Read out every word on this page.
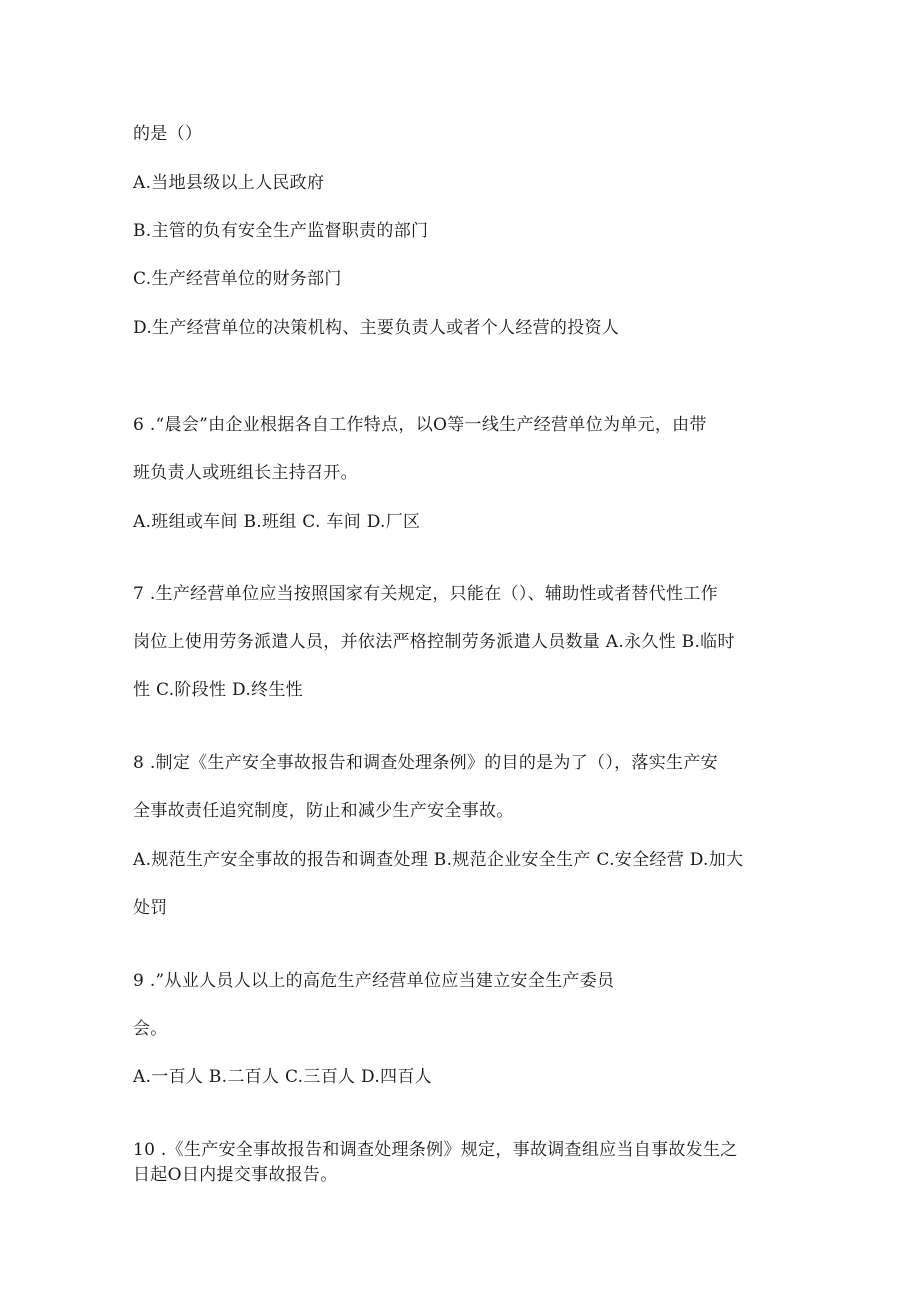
的是（）
A.当地县级以上人民政府
B.主管的负有安全生产监督职责的部门
C.生产经营单位的财务部门
D.生产经营单位的决策机构、主要负责人或者个人经营的投资人
6 .“晨会”由企业根据各自工作特点，以O等一线生产经营单位为单元，由带
班负责人或班组长主持召开。
A.班组或车间 B.班组 C. 车间 D.厂区
7 .生产经营单位应当按照国家有关规定，只能在（）、辅助性或者替代性工作
岗位上使用劳务派遣人员，并依法严格控制劳务派遣人员数量 A.永久性 B.临时
性 C.阶段性 D.终生性
8 .制定《生产安全事故报告和调查处理条例》的目的是为了（），落实生产安
全事故责任追究制度，防止和减少生产安全事故。
A.规范生产安全事故的报告和调查处理 B.规范企业安全生产 C.安全经营 D.加大
处罚
9 .”从业人员人以上的高危生产经营单位应当建立安全生产委员
会。
A.一百人 B.二百人 C.三百人 D.四百人
10 .《生产安全事故报告和调查处理条例》规定，事故调查组应当自事故发生之
日起O日内提交事故报告。
